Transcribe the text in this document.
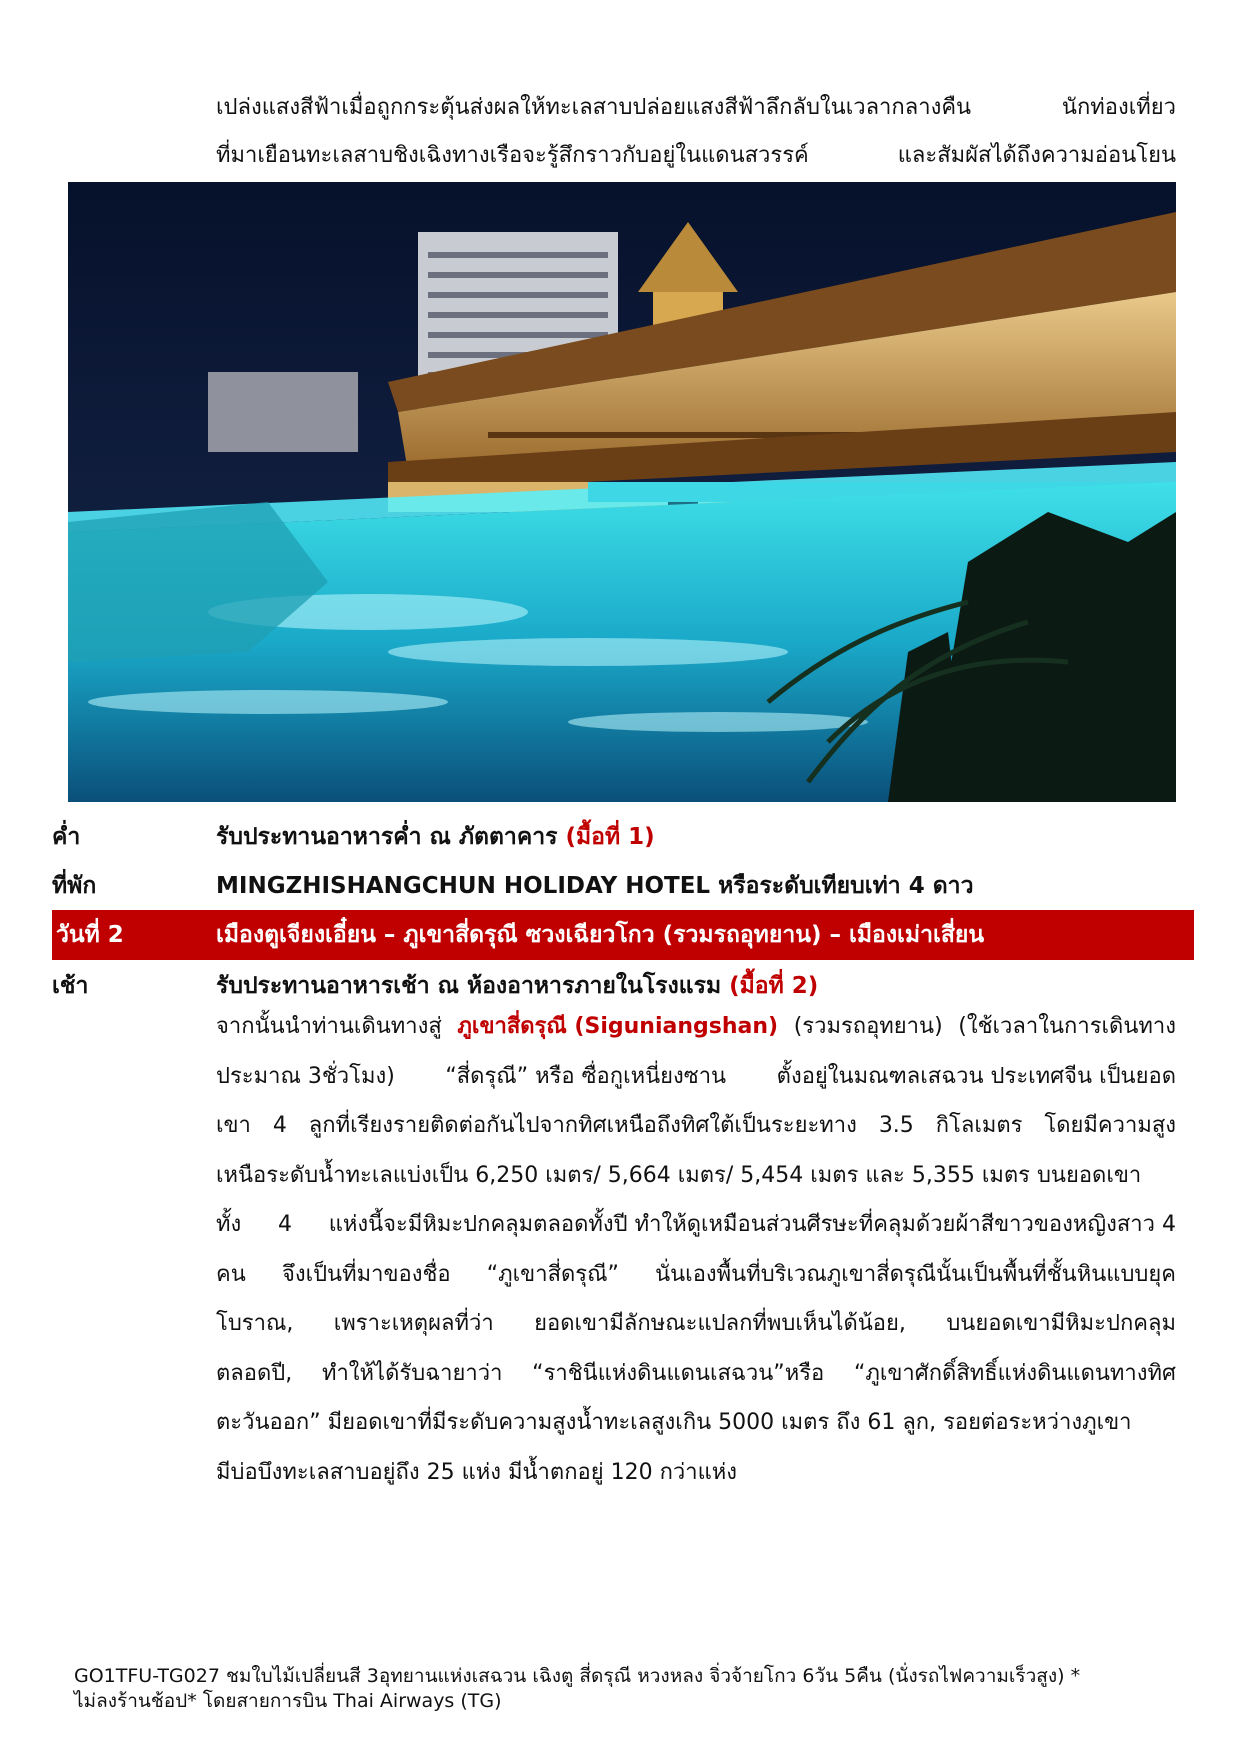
เปล่งแสงสีฟ้าเมื่อถูกกระตุ้นส่งผลให้ทะเลสาบปล่อยแสงสีฟ้าลึกลับในเวลากลางคืน	นักท่องเที่ยว

ที่มาเยือนทะเลสาบชิงเฉิงทางเรือจะรู้สึกราวกับอยู่ในแดนสวรรค์	และสัมผัสได้ถึงความอ่อนโยน

ค่ำ	รับประทานอาหารค่ำ ณ ภัตตาคาร (มื้อที่ 1)
ที่พัก	MINGZHISHANGCHUN HOLIDAY HOTEL หรือระดับเทียบเท่า 4 ดาว
วันที่ 2	เมืองตูเจียงเอี๋ยน – ภูเขาสี่ดรุณี ซวงเฉียวโกว (รวมรถอุทยาน) – เมืองเม่าเสี่ยน
เช้า	รับประทานอาหารเช้า ณ ห้องอาหารภายในโรงแรม (มื้อที่ 2)
จากนั้นนำท่านเดินทางสู่ ภูเขาสี่ดรุณี (Siguniangshan) (รวมรถอุทยาน) (ใช้เวลาในการเดินทาง
ประมาณ 3ชั่วโมง) “สี่ดรุณี” หรือ ซื่อกูเหนี่ยงซาน ตั้งอยู่ในมณฑลเสฉวน ประเทศจีน เป็นยอด
เขา 4 ลูกที่เรียงรายติดต่อกันไปจากทิศเหนือถึงทิศใต้เป็นระยะทาง 3.5 กิโลเมตร โดยมีความสูง
เหนือระดับน้ำทะเลแบ่งเป็น 6,250 เมตร/ 5,664 เมตร/ 5,454 เมตร และ 5,355 เมตร บนยอดเขา
ทั้ง 4 แห่งนี้จะมีหิมะปกคลุมตลอดทั้งปี ทำให้ดูเหมือนส่วนศีรษะที่คลุมด้วยผ้าสีขาวของหญิงสาว 4
คน จึงเป็นที่มาของชื่อ “ภูเขาสี่ดรุณี” นั่นเองพื้นที่บริเวณภูเขาสี่ดรุณีนั้นเป็นพื้นที่ชั้นหินแบบยุค
โบราณ, เพราะเหตุผลที่ว่า ยอดเขามีลักษณะแปลกที่พบเห็นได้น้อย, บนยอดเขามีหิมะปกคลุม
ตลอดปี, ทำให้ได้รับฉายาว่า “ราชินีแห่งดินแดนเสฉวน”หรือ “ภูเขาศักดิ์สิทธิ์แห่งดินแดนทางทิศ
ตะวันออก” มียอดเขาที่มีระดับความสูงน้ำทะเลสูงเกิน 5000 เมตร ถึง 61 ลูก, รอยต่อระหว่างภูเขา
มีบ่อบึงทะเลสาบอยู่ถึง 25 แห่ง มีน้ำตกอยู่ 120 กว่าแห่ง
GO1TFU-TG027 ชมใบไม้เปลี่ยนสี 3อุทยานแห่งเสฉวน เฉิงตู สี่ดรุณี หวงหลง จิ่วจ้ายโกว 6วัน 5คืน (นั่งรถไฟความเร็วสูง) *
ไม่ลงร้านช้อป* โดยสายการบิน Thai Airways (TG)
